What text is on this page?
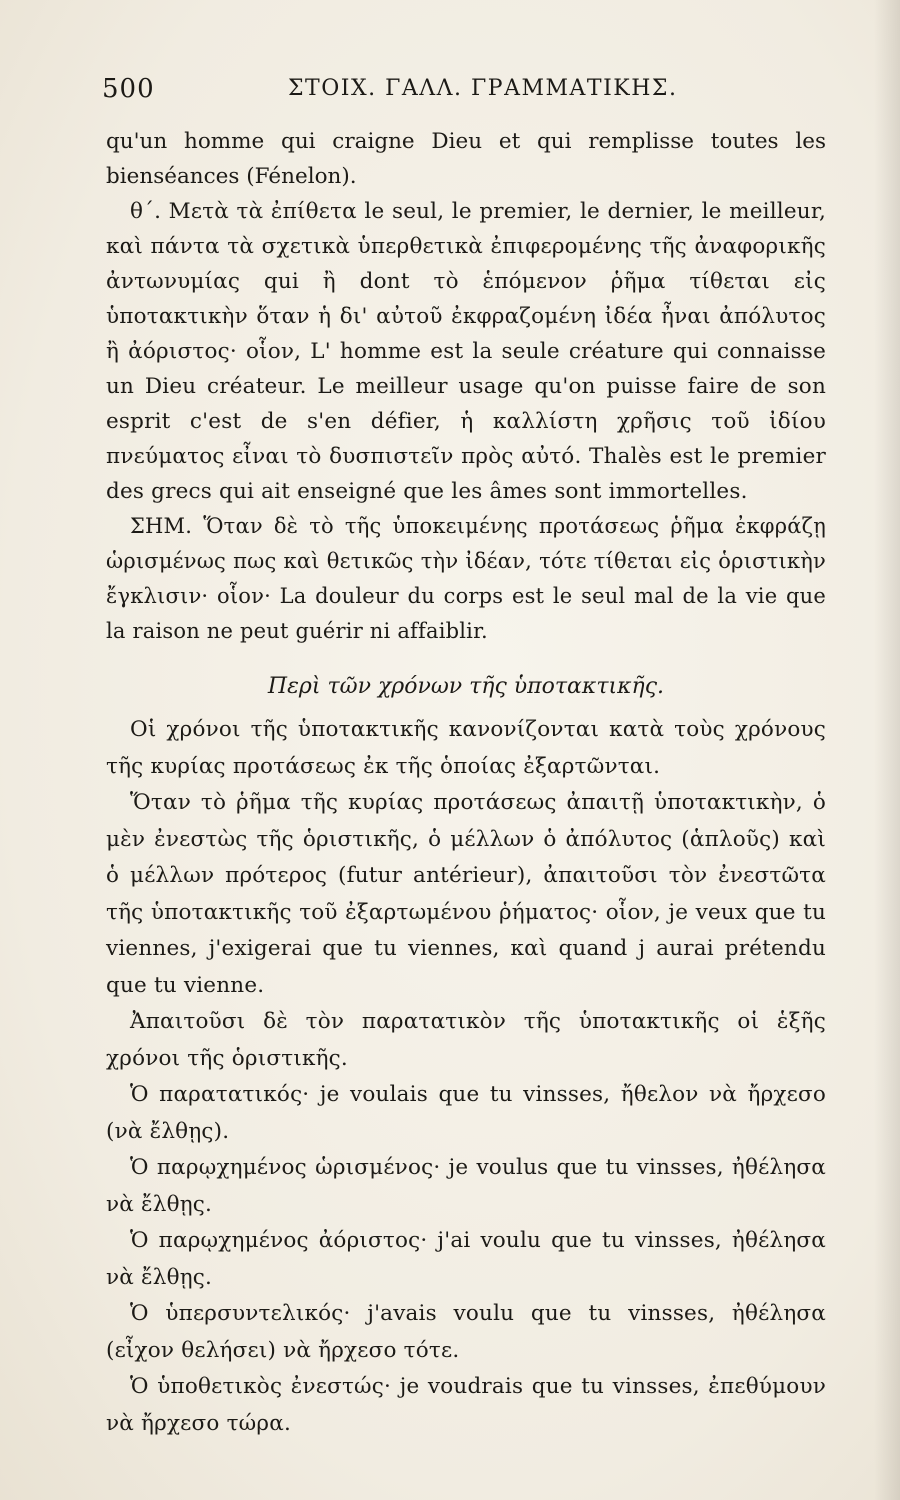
500	ΣΤΟΙΧ. ΓΑΛΛ. ΓΡΑΜΜΑΤΙΚΗΣ.

qu'un homme qui craigne Dieu et qui remplisse toutes les bienséances (Fénelon).

θ΄. Μετὰ τὰ ἐπίθετα le seul, le premier, le dernier, le meilleur, καὶ πάντα τὰ σχετικὰ ὑπερθετικὰ ἐπιφερομένης τῆς ἀναφορικῆς ἀντωνυμίας qui ἢ dont τὸ ἑπόμενον ῥῆμα τίθεται εἰς ὑποτακτικὴν ὅταν ἡ δι' αὐτοῦ ἐκφραζομένη ἰδέα ἦναι ἀπόλυτος ἢ ἀόριστος· οἷον, L' homme est la seule créature qui connaisse un Dieu créateur. Le meilleur usage qu'on puisse faire de son esprit c'est de s'en défier, ἡ καλλίστη χρῆσις τοῦ ἰδίου πνεύματος εἶναι τὸ δυσπιστεῖν πρὸς αὐτό. Thalès est le premier des grecs qui ait enseigné que les âmes sont immortelles.

ΣΗΜ. Ὅταν δὲ τὸ τῆς ὑποκειμένης προτάσεως ῥῆμα ἐκφράζῃ ὡρισμένως πως καὶ θετικῶς τὴν ἰδέαν, τότε τίθεται εἰς ὁριστικὴν ἔγκλισιν· οἷον· La douleur du corps est le seul mal de la vie que la raison ne peut guérir ni affaiblir.

Περὶ τῶν χρόνων τῆς ὑποτακτικῆς.

Οἱ χρόνοι τῆς ὑποτακτικῆς κανονίζονται κατὰ τοὺς χρόνους τῆς κυρίας προτάσεως ἐκ τῆς ὁποίας ἐξαρτῶνται.

Ὅταν τὸ ῥῆμα τῆς κυρίας προτάσεως ἀπαιτῇ ὑποτακτικὴν, ὁ μὲν ἐνεστὼς τῆς ὁριστικῆς, ὁ μέλλων ὁ ἀπόλυτος (ἁπλοῦς) καὶ ὁ μέλλων πρότερος (futur antérieur), ἀπαιτοῦσι τὸν ἐνεστῶτα τῆς ὑποτακτικῆς τοῦ ἐξαρτωμένου ῥήματος· οἷον, je veux que tu viennes, j'exigerai que tu viennes, καὶ quand j aurai prétendu que tu vienne.

Ἀπαιτοῦσι δὲ τὸν παρατατικὸν τῆς ὑποτακτικῆς οἱ ἑξῆς χρόνοι τῆς ὁριστικῆς.

Ὁ παρατατικός· je voulais que tu vinsses, ἤθελον νὰ ἤρχεσο (νὰ ἔλθῃς).

Ὁ παρῳχημένος ὡρισμένος· je voulus que tu vinsses, ἠθέλησα νὰ ἔλθῃς.

Ὁ παρῳχημένος ἀόριστος· j'ai voulu que tu vinsses, ἠθέλησα νὰ ἔλθῃς.

Ὁ ὑπερσυντελικός· j'avais voulu que tu vinsses, ἠθέλησα (εἶχον θελήσει) νὰ ἤρχεσο τότε.

Ὁ ὑποθετικὸς ἐνεστώς· je voudrais que tu vinsses, ἐπεθύμουν νὰ ἤρχεσο τώρα.
